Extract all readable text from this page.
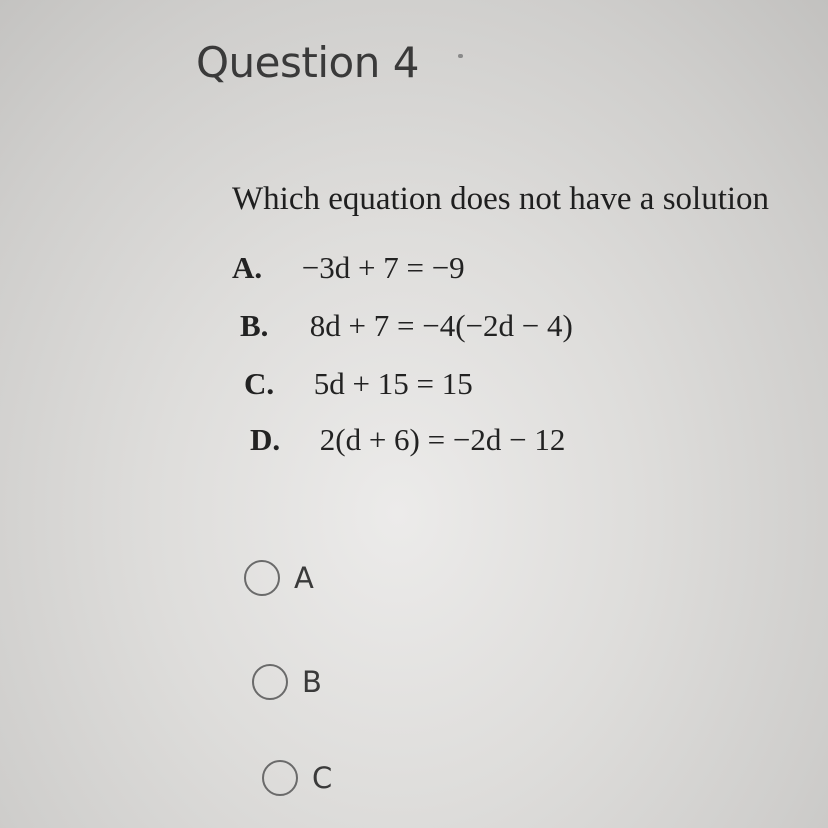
Question 4
Which equation does not have a solution
A. −3d + 7 = −9
B. 8d + 7 = −4(−2d − 4)
C. 5d + 15 = 15
D. 2(d + 6) = −2d − 12
A
B
C
